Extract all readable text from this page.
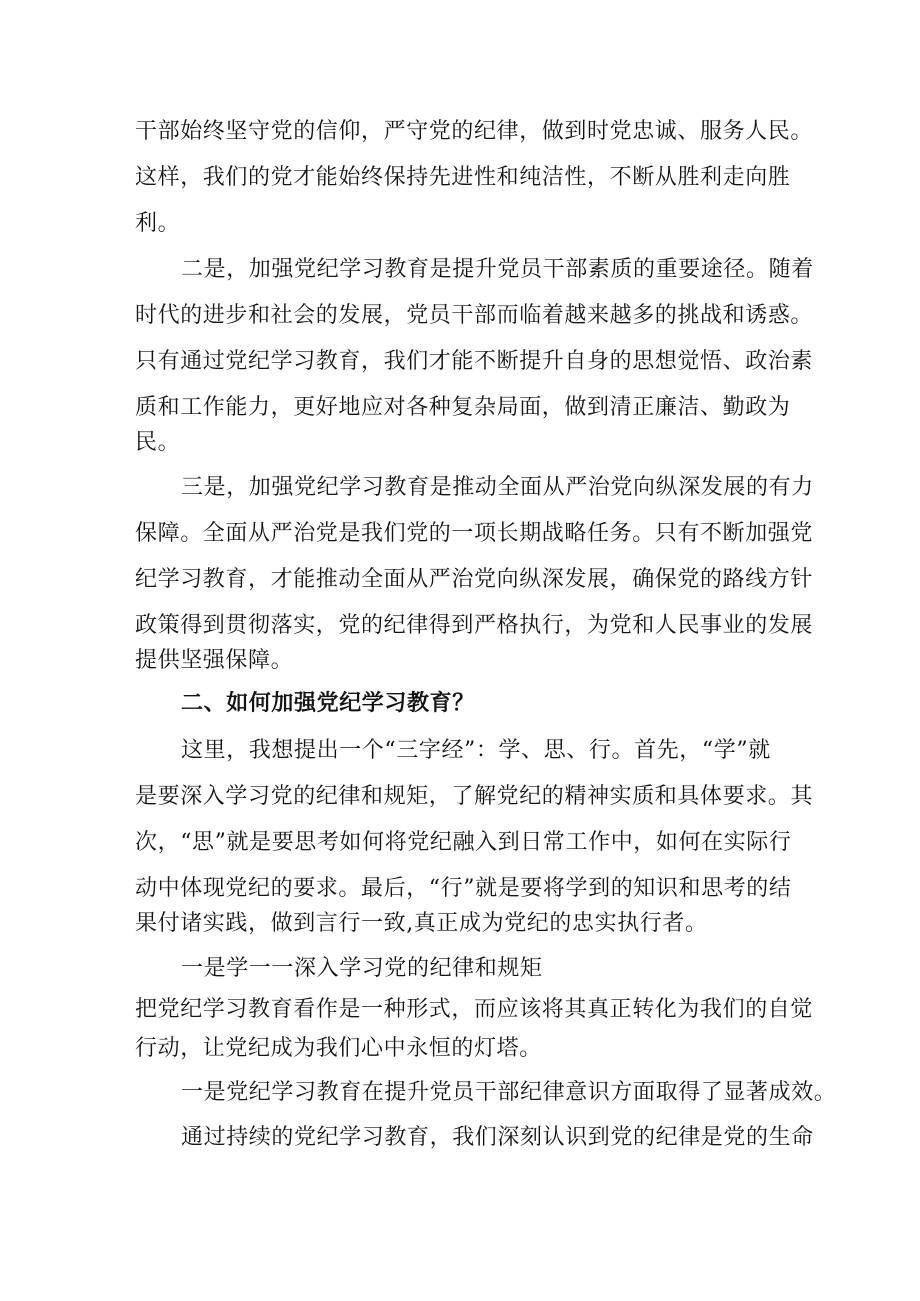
干部始终坚守党的信仰，严守党的纪律，做到时党忠诚、服务人民。
这样，我们的党才能始终保持先进性和纯洁性，不断从胜利走向胜
利。
二是，加强党纪学习教育是提升党员干部素质的重要途径。随着
时代的进步和社会的发展，党员干部而临着越来越多的挑战和诱惑。
只有通过党纪学习教育，我们才能不断提升自身的思想觉悟、政治素
质和工作能力，更好地应对各种复杂局面，做到清正廉洁、勤政为
民。
三是，加强党纪学习教育是推动全面从严治党向纵深发展的有力
保障。全面从严治党是我们党的一项长期战略任务。只有不断加强党
纪学习教育，才能推动全面从严治党向纵深发展，确保党的路线方针
政策得到贯彻落实，党的纪律得到严格执行，为党和人民事业的发展
提供坚强保障。
二、如何加强党纪学习教育？
这里，我想提出一个“三字经”：学、思、行。首先，“学”就
是要深入学习党的纪律和规矩，了解党纪的精神实质和具体要求。其
次，“思”就是要思考如何将党纪融入到日常工作中，如何在实际行
动中体现党纪的要求。最后，“行”就是要将学到的知识和思考的结
果付诸实践，做到言行一致,真正成为党纪的忠实执行者。
一是学一一深入学习党的纪律和规矩
把党纪学习教育看作是一种形式，而应该将其真正转化为我们的自觉
行动，让党纪成为我们心中永恒的灯塔。
一是党纪学习教育在提升党员干部纪律意识方面取得了显著成效。
通过持续的党纪学习教育，我们深刻认识到党的纪律是党的生命
